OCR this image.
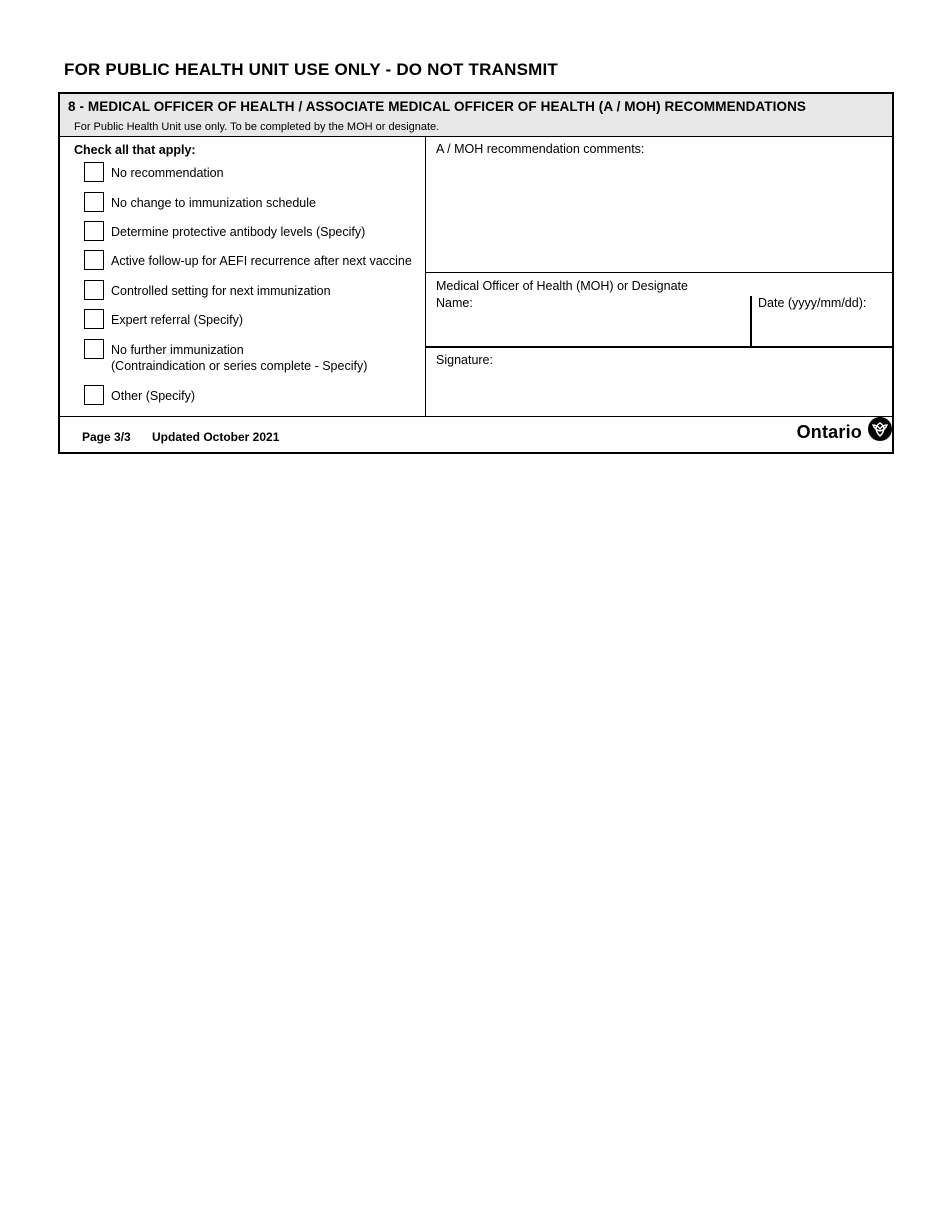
FOR PUBLIC HEALTH UNIT USE ONLY - DO NOT TRANSMIT
8 - MEDICAL OFFICER OF HEALTH / ASSOCIATE MEDICAL OFFICER OF HEALTH (A / MOH) RECOMMENDATIONS
For Public Health Unit use only. To be completed by the MOH or designate.
Check all that apply:
No recommendation
No change to immunization schedule
Determine protective antibody levels (Specify)
Active follow-up for AEFI recurrence after next vaccine
Controlled setting for next immunization
Expert referral (Specify)
No further immunization
(Contraindication or series complete - Specify)
Other (Specify)
A / MOH recommendation comments:
Medical Officer of Health (MOH) or Designate
Name:	Date (yyyy/mm/dd):
Signature:
Page 3/3 Updated October 2021	Ontario
